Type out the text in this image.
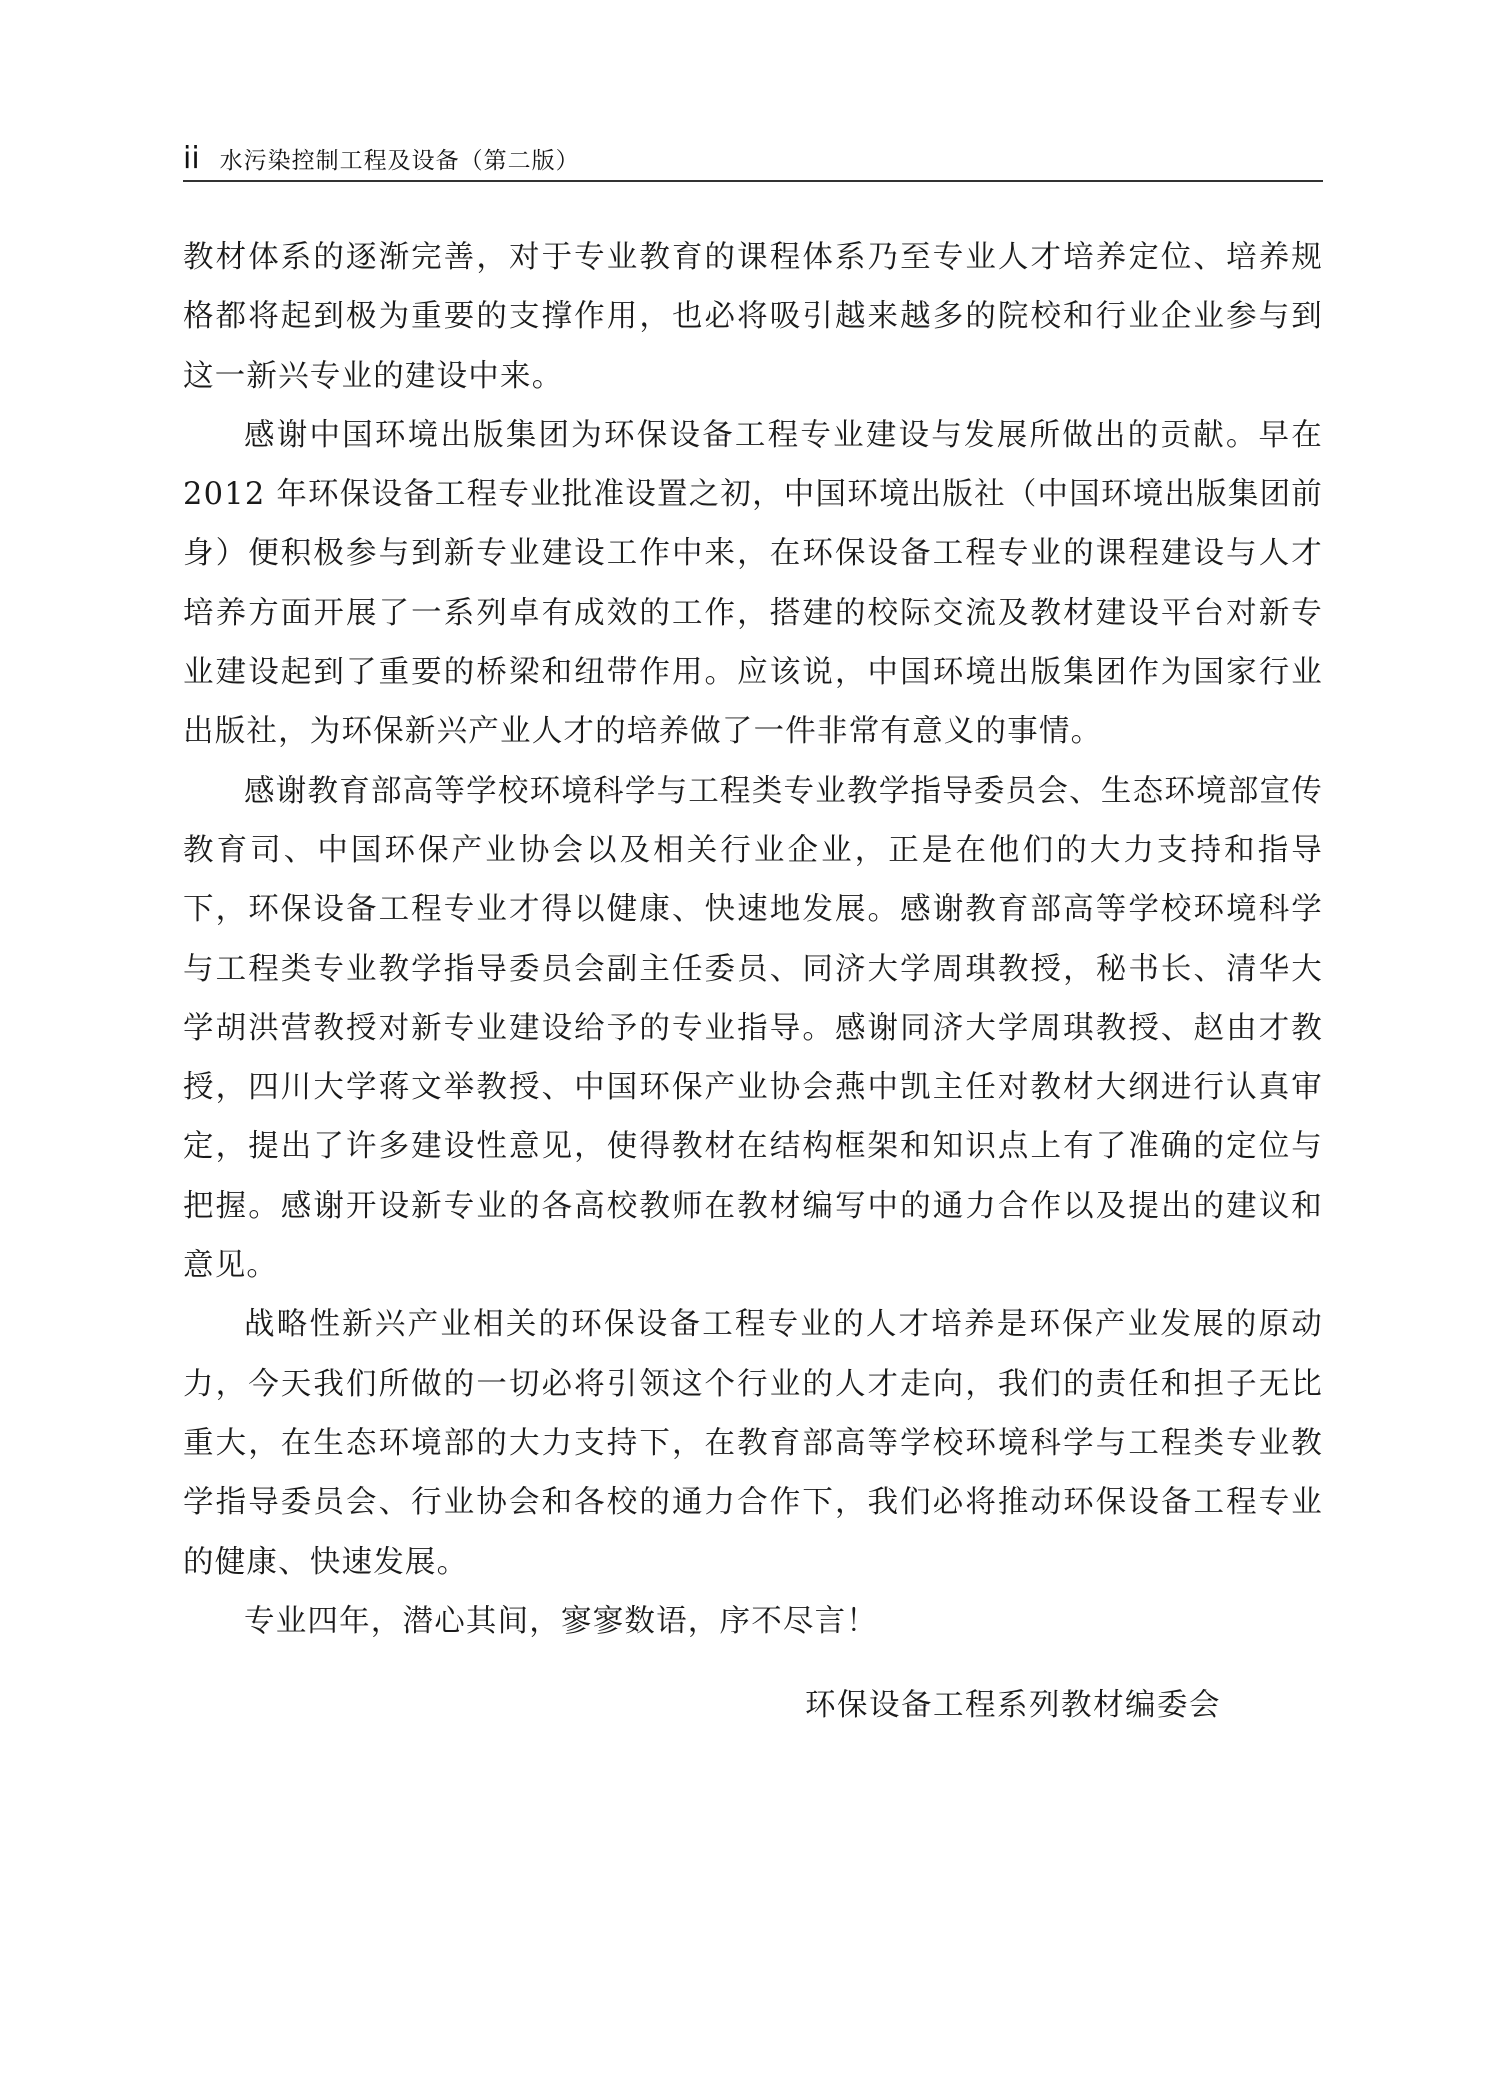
ii 水污染控制工程及设备（第二版）

教材体系的逐渐完善，对于专业教育的课程体系乃至专业人才培养定位、培养规格都将起到极为重要的支撑作用，也必将吸引越来越多的院校和行业企业参与到这一新兴专业的建设中来。

感谢中国环境出版集团为环保设备工程专业建设与发展所做出的贡献。早在 2012 年环保设备工程专业批准设置之初，中国环境出版社（中国环境出版集团前身）便积极参与到新专业建设工作中来，在环保设备工程专业的课程建设与人才培养方面开展了一系列卓有成效的工作，搭建的校际交流及教材建设平台对新专业建设起到了重要的桥梁和纽带作用。应该说，中国环境出版集团作为国家行业出版社，为环保新兴产业人才的培养做了一件非常有意义的事情。

感谢教育部高等学校环境科学与工程类专业教学指导委员会、生态环境部宣传教育司、中国环保产业协会以及相关行业企业，正是在他们的大力支持和指导下，环保设备工程专业才得以健康、快速地发展。感谢教育部高等学校环境科学与工程类专业教学指导委员会副主任委员、同济大学周琪教授，秘书长、清华大学胡洪营教授对新专业建设给予的专业指导。感谢同济大学周琪教授、赵由才教授，四川大学蒋文举教授、中国环保产业协会燕中凯主任对教材大纲进行认真审定，提出了许多建设性意见，使得教材在结构框架和知识点上有了准确的定位与把握。感谢开设新专业的各高校教师在教材编写中的通力合作以及提出的建议和意见。

战略性新兴产业相关的环保设备工程专业的人才培养是环保产业发展的原动力，今天我们所做的一切必将引领这个行业的人才走向，我们的责任和担子无比重大，在生态环境部的大力支持下，在教育部高等学校环境科学与工程类专业教学指导委员会、行业协会和各校的通力合作下，我们必将推动环保设备工程专业的健康、快速发展。

专业四年，潜心其间，寥寥数语，序不尽言！

环保设备工程系列教材编委会
